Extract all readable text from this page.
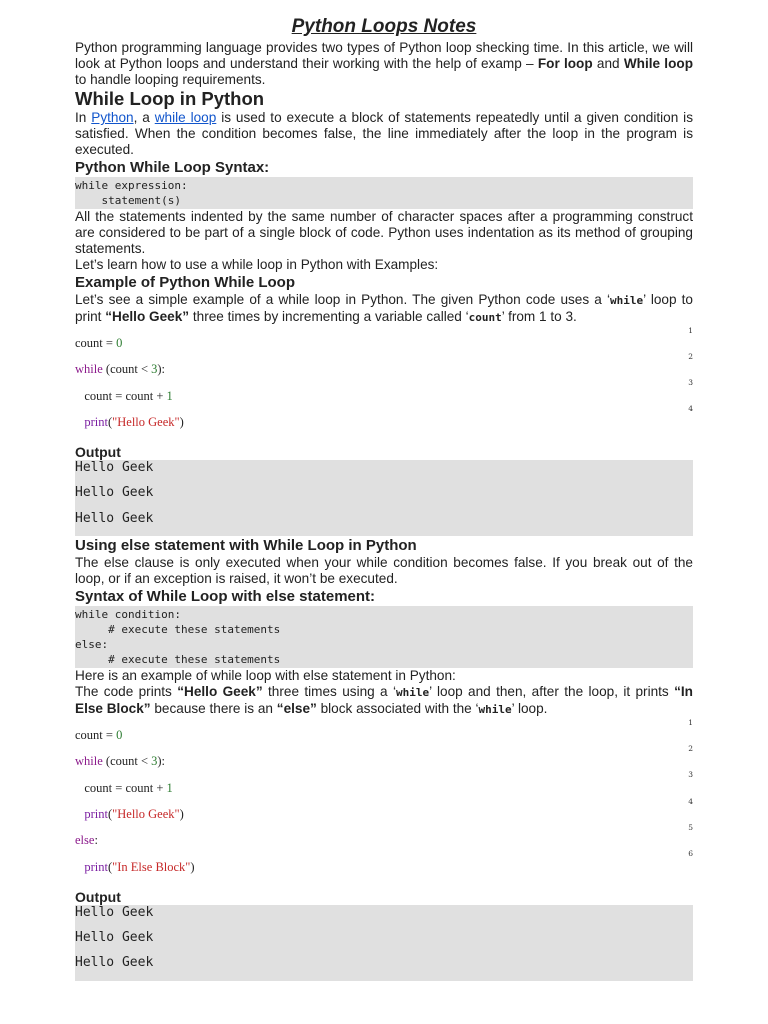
Python Loops Notes

Python programming language provides two types of Python loop shecking time. In this article, we will look at Python loops and understand their working with the help of examp – For loop and While loop to handle looping requirements.

While Loop in Python

In Python, a while loop is used to execute a block of statements repeatedly until a given condition is satisfied. When the condition becomes false, the line immediately after the loop in the program is executed.

Python While Loop Syntax:
while expression:
statement(s)

All the statements indented by the same number of character spaces after a programming construct are considered to be part of a single block of code. Python uses indentation as its method of grouping statements.

Let’s learn how to use a while loop in Python with Examples:

Example of Python While Loop

Let’s see a simple example of a while loop in Python. The given Python code uses a ‘while’ loop to print “Hello Geek” three times by incrementing a variable called ‘count’ from 1 to 3.

count = 0
1
while (count < 3):
2
count = count + 1
3
print("Hello Geek")
4
Output
Hello Geek
Hello Geek
Hello Geek
Using else statement with While Loop in Python

The else clause is only executed when your while condition becomes false. If you break out of the loop, or if an exception is raised, it won’t be executed.

Syntax of While Loop with else statement:
while condition:
# execute these statements
else:
# execute these statements

Here is an example of while loop with else statement in Python:

The code prints “Hello Geek” three times using a ‘while’ loop and then, after the loop, it prints “In Else Block” because there is an “else” block associated with the ‘while’ loop.

count = 0
1
while (count < 3):
2
count = count + 1
3
print("Hello Geek")
4
else:
5
print("In Else Block")
6
Output
Hello Geek
Hello Geek
Hello Geek
